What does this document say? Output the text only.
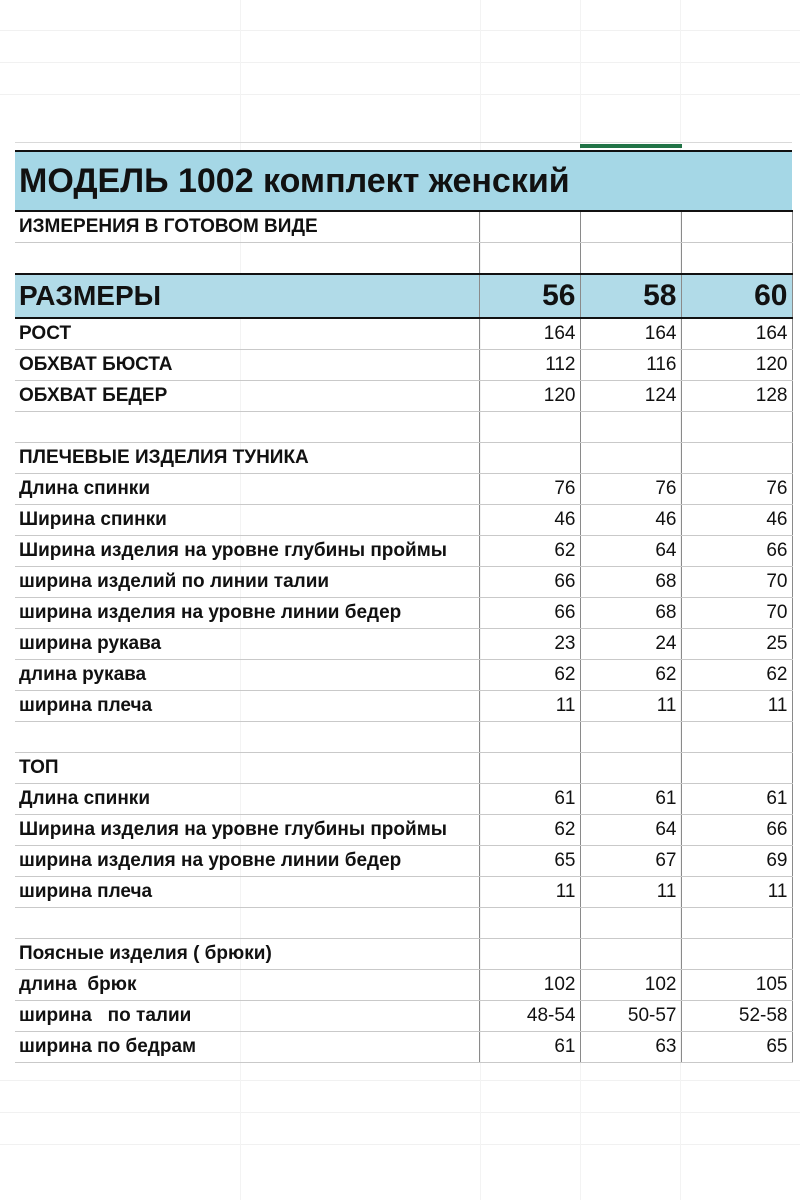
МОДЕЛЬ 1002 комплект женский			
ИЗМЕРЕНИЯ В ГОТОВОМ ВИДЕ			

РАЗМЕРЫ	56	58	60
РОСТ	164	164	164
ОБХВАТ БЮСТА	112	116	120
ОБХВАТ БЕДЕР	120	124	128

ПЛЕЧЕВЫЕ ИЗДЕЛИЯ ТУНИКА			
Длина спинки	76	76	76
Ширина спинки	46	46	46
Ширина изделия на уровне глубины проймы	62	64	66
ширина изделий по линии талии	66	68	70
ширина изделия на уровне линии бедер	66	68	70
ширина рукава	23	24	25
длина рукава	62	62	62
ширина плеча	11	11	11

ТОП			
Длина спинки	61	61	61
Ширина изделия на уровне глубины проймы	62	64	66
ширина изделия на уровне линии бедер	65	67	69
ширина плеча	11	11	11

Поясные изделия ( брюки)			
длина  брюк	102	102	105
ширина   по талии	48-54	50-57	52-58
ширина по бедрам	61	63	65
